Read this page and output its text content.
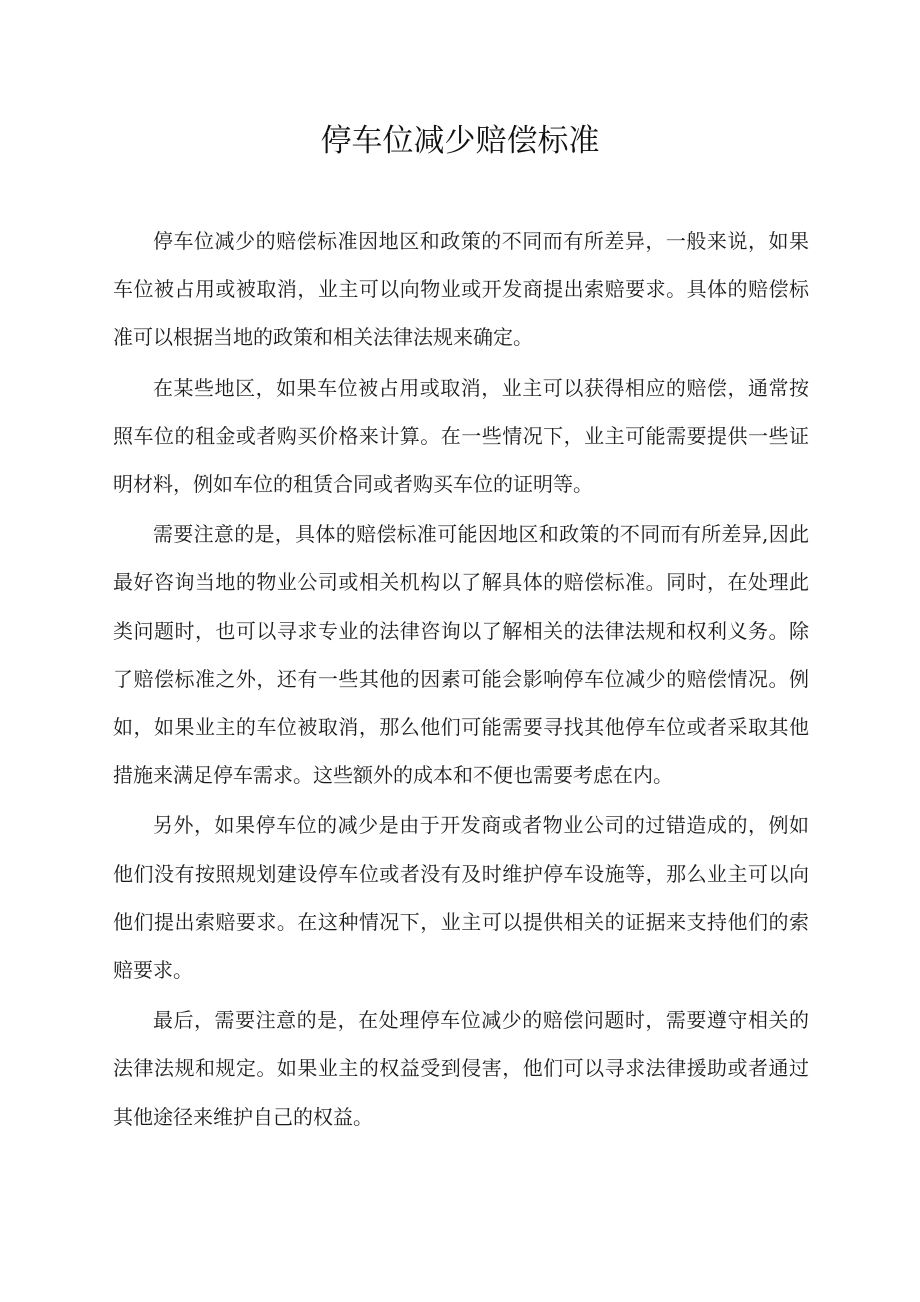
停车位减少赔偿标准

停车位减少的赔偿标准因地区和政策的不同而有所差异，一般来说，如果车位被占用或被取消，业主可以向物业或开发商提出索赔要求。具体的赔偿标准可以根据当地的政策和相关法律法规来确定。

在某些地区，如果车位被占用或取消，业主可以获得相应的赔偿，通常按照车位的租金或者购买价格来计算。在一些情况下，业主可能需要提供一些证明材料，例如车位的租赁合同或者购买车位的证明等。

需要注意的是，具体的赔偿标准可能因地区和政策的不同而有所差异,因此最好咨询当地的物业公司或相关机构以了解具体的赔偿标准。同时，在处理此类问题时，也可以寻求专业的法律咨询以了解相关的法律法规和权利义务。除了赔偿标准之外，还有一些其他的因素可能会影响停车位减少的赔偿情况。例如，如果业主的车位被取消，那么他们可能需要寻找其他停车位或者采取其他措施来满足停车需求。这些额外的成本和不便也需要考虑在内。

另外，如果停车位的减少是由于开发商或者物业公司的过错造成的，例如他们没有按照规划建设停车位或者没有及时维护停车设施等，那么业主可以向他们提出索赔要求。在这种情况下，业主可以提供相关的证据来支持他们的索赔要求。

最后，需要注意的是，在处理停车位减少的赔偿问题时，需要遵守相关的法律法规和规定。如果业主的权益受到侵害，他们可以寻求法律援助或者通过其他途径来维护自己的权益。
